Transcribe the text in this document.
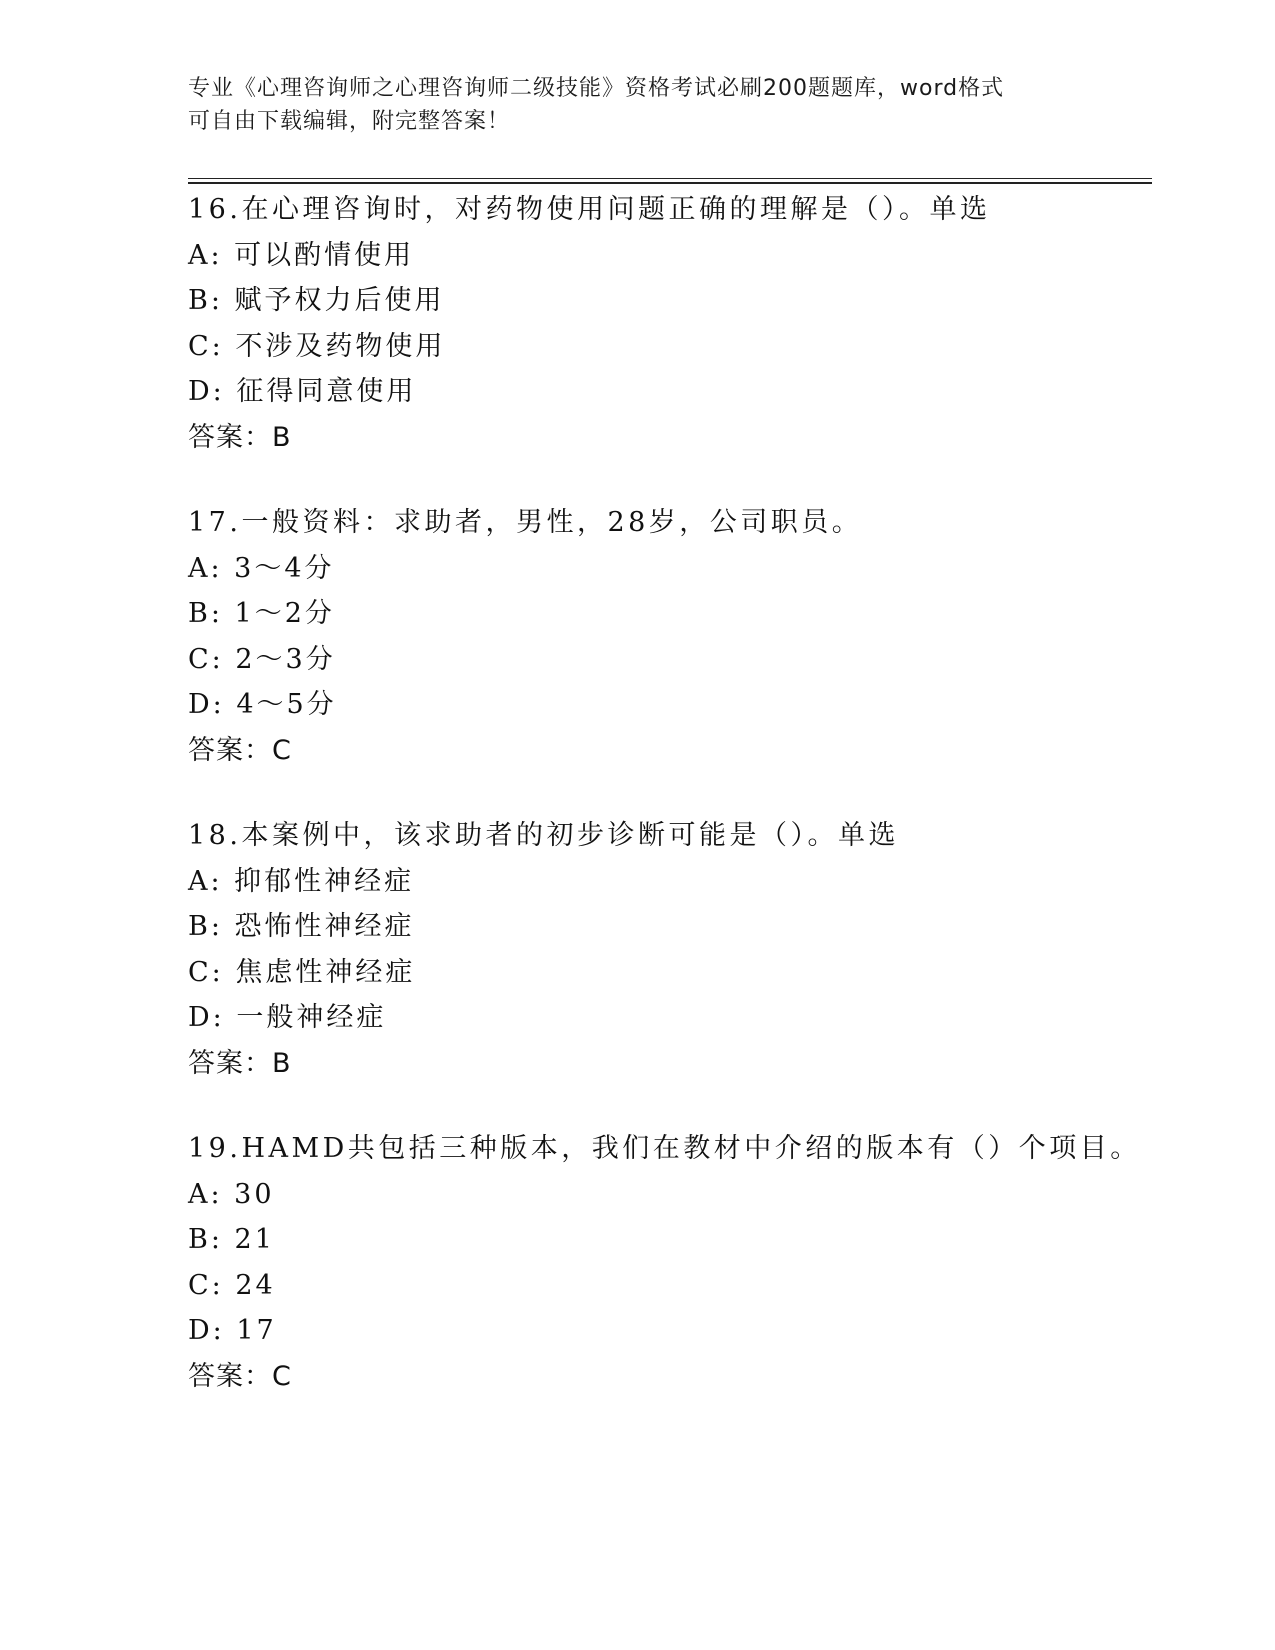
专业《心理咨询师之心理咨询师二级技能》资格考试必刷200题题库，word格式
可自由下载编辑，附完整答案！
16.在心理咨询时，对药物使用问题正确的理解是（）。单选
A: 可以酌情使用
B: 赋予权力后使用
C: 不涉及药物使用
D: 征得同意使用
答案：B
17.一般资料：求助者，男性，28岁，公司职员。
A: 3～4分
B: 1～2分
C: 2～3分
D: 4～5分
答案：C
18.本案例中，该求助者的初步诊断可能是（）。单选
A: 抑郁性神经症
B: 恐怖性神经症
C: 焦虑性神经症
D: 一般神经症
答案：B
19.HAMD共包括三种版本，我们在教材中介绍的版本有（）个项目。
A: 30
B: 21
C: 24
D: 17
答案：C
